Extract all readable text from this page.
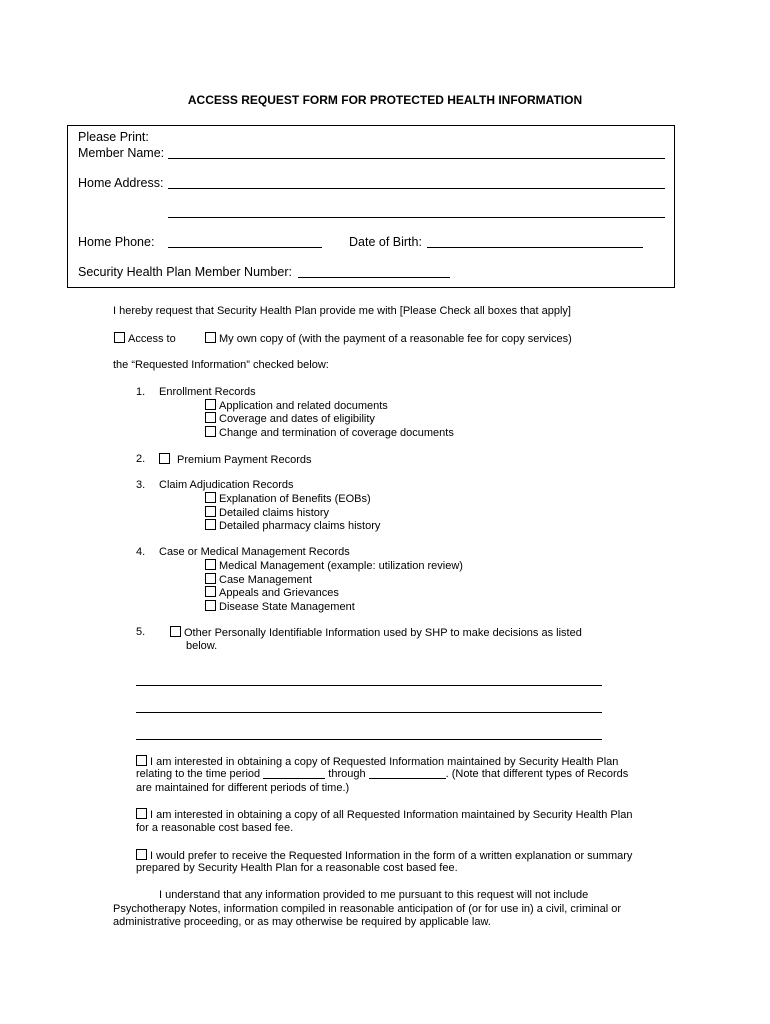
ACCESS REQUEST FORM FOR PROTECTED HEALTH INFORMATION
Please Print:
Member Name:
Home Address:
Home Phone:	Date of Birth:
Security Health Plan Member Number:
I hereby request that Security Health Plan provide me with [Please Check all boxes that apply]
Access to	My own copy of (with the payment of a reasonable fee for copy services)
the “Requested Information” checked below:
1. Enrollment Records
Application and related documents
Coverage and dates of eligibility
Change and termination of coverage documents
2.	Premium Payment Records
3. Claim Adjudication Records
Explanation of Benefits (EOBs)
Detailed claims history
Detailed pharmacy claims history
4. Case or Medical Management Records
Medical Management (example: utilization review)
Case Management
Appeals and Grievances
Disease State Management
5.	Other Personally Identifiable Information used by SHP to make decisions as listed
below.
I am interested in obtaining a copy of Requested Information maintained by Security Health Plan
relating to the time period	through	. (Note that different types of Records
are maintained for different periods of time.)
I am interested in obtaining a copy of all Requested Information maintained by Security Health Plan
for a reasonable cost based fee.
I would prefer to receive the Requested Information in the form of a written explanation or summary
prepared by Security Health Plan for a reasonable cost based fee.
I understand that any information provided to me pursuant to this request will not include
Psychotherapy Notes, information compiled in reasonable anticipation of (or for use in) a civil, criminal or
administrative proceeding, or as may otherwise be required by applicable law.
